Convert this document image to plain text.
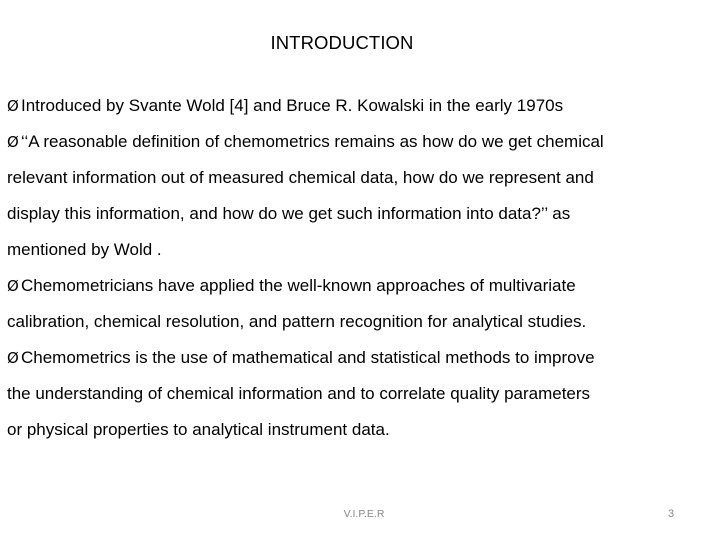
INTRODUCTION

Ø Introduced by Svante Wold [4] and Bruce R. Kowalski in the early 1970s

Ø ‘‘A reasonable definition of chemometrics remains as how do we get chemical

relevant information out of measured chemical data, how do we represent and

display this information, and how do we get such information into data?’’ as

mentioned by Wold .

Ø Chemometricians have applied the well-known approaches of multivariate

calibration, chemical resolution, and pattern recognition for analytical studies.

Ø Chemometrics is the use of mathematical and statistical methods to improve

the understanding of chemical information and to correlate quality parameters

or physical properties to analytical instrument data.

V.I.P.E.R	3
